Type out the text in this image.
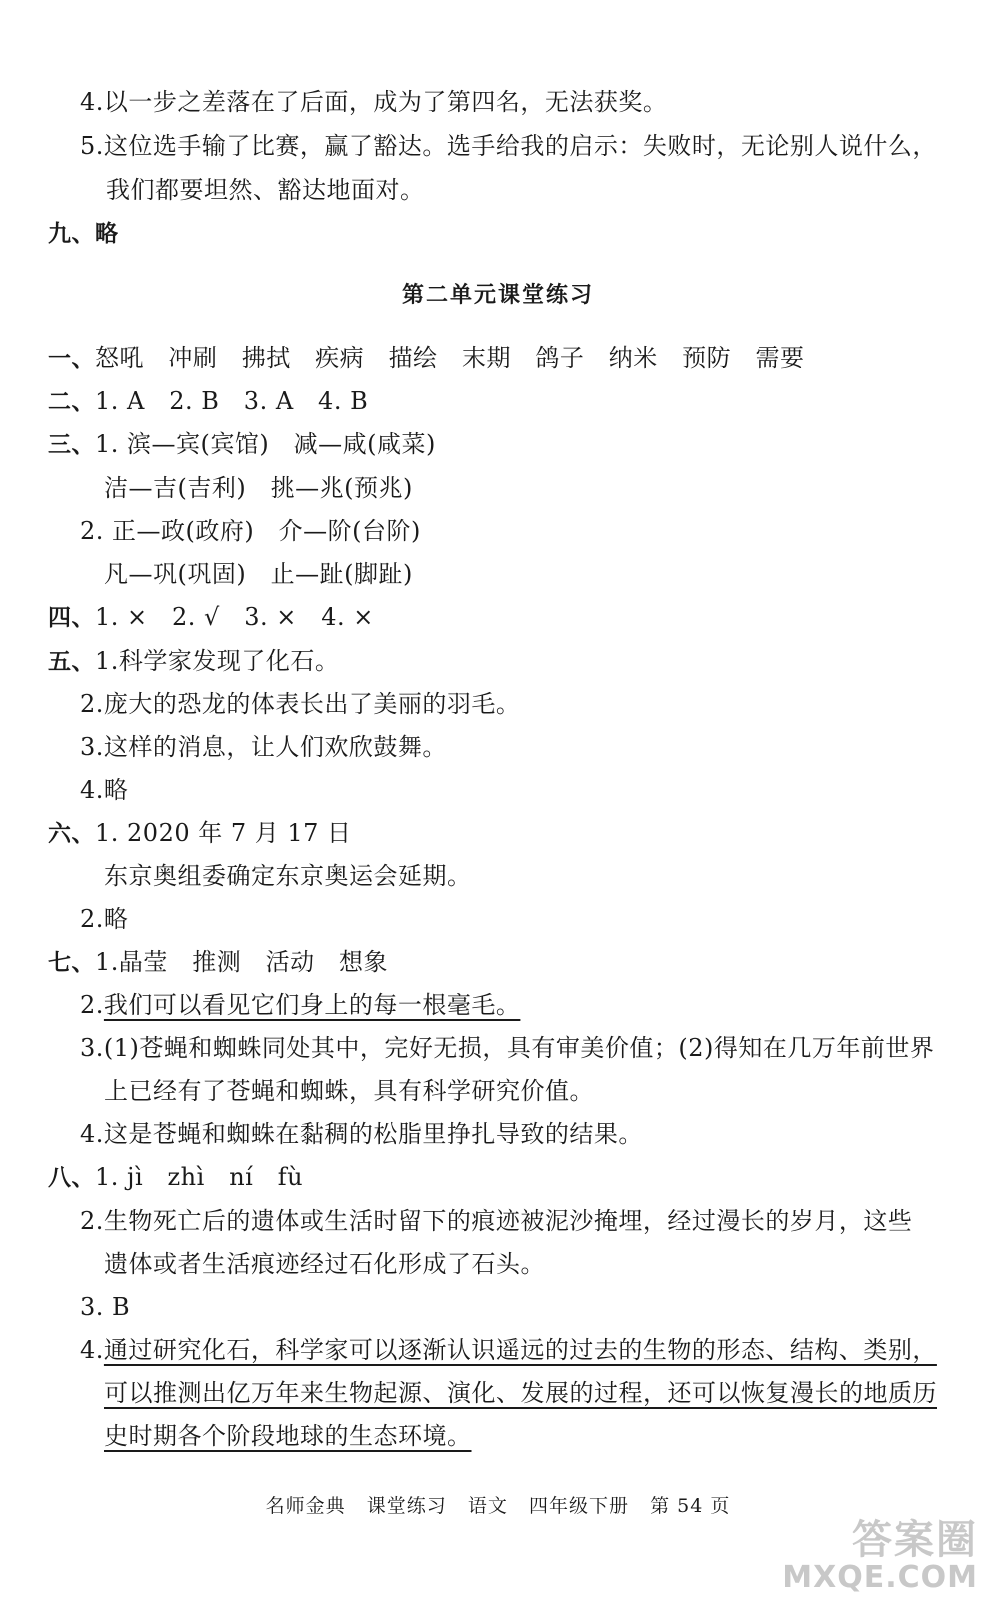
4.以一步之差落在了后面，成为了第四名，无法获奖。
5.这位选手输了比赛，赢了豁达。选手给我的启示：失败时，无论别人说什么，
我们都要坦然、豁达地面对。
九、略
第二单元课堂练习
一、怒吼 冲刷 拂拭 疾病 描绘 末期 鸽子 纳米 预防 需要
二、1. A   2. B   3. A   4. B
三、1. 滨—宾(宾馆)   减—咸(咸菜)
洁—吉(吉利)   挑—兆(预兆)
2. 正—政(政府)   介—阶(台阶)
凡—巩(巩固)   止—趾(脚趾)
四、1. ×   2. √   3. ×   4. ×
五、1.科学家发现了化石。
2.庞大的恐龙的体表长出了美丽的羽毛。
3.这样的消息，让人们欢欣鼓舞。
4.略
六、1. 2020 年 7 月 17 日
东京奥组委确定东京奥运会延期。
2.略
七、1.晶莹   推测   活动   想象
2.我们可以看见它们身上的每一根毫毛。
3.(1)苍蝇和蜘蛛同处其中，完好无损，具有审美价值；(2)得知在几万年前世界
上已经有了苍蝇和蜘蛛，具有科学研究价值。
4.这是苍蝇和蜘蛛在黏稠的松脂里挣扎导致的结果。
八、1. jì   zhì   ní   fù
2.生物死亡后的遗体或生活时留下的痕迹被泥沙掩埋，经过漫长的岁月，这些
遗体或者生活痕迹经过石化形成了石头。
3. B
4.通过研究化石，科学家可以逐渐认识遥远的过去的生物的形态、结构、类别，
可以推测出亿万年来生物起源、演化、发展的过程，还可以恢复漫长的地质历
史时期各个阶段地球的生态环境。
名师金典   课堂练习   语文   四年级下册   第 54 页
答案圈
MXQE.COM
